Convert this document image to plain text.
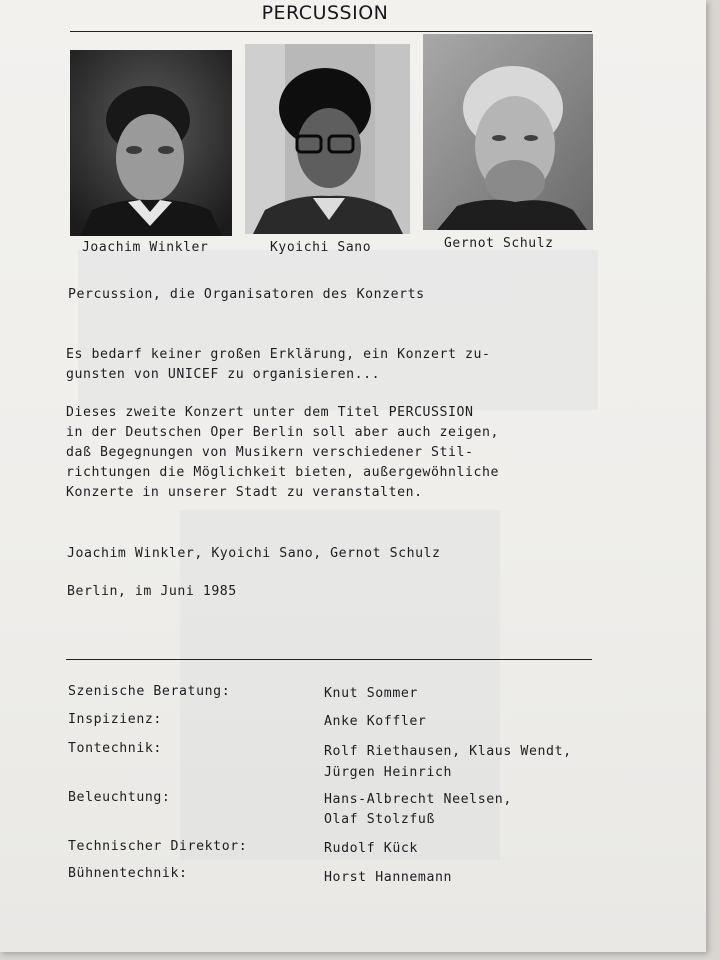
PERCUSSION
Joachim Winkler	Kyoichi Sano	Gernot Schulz
Percussion, die Organisatoren des Konzerts
Es bedarf keiner großen Erklärung, ein Konzert zu-
gunsten von UNICEF zu organisieren...
Dieses zweite Konzert unter dem Titel PERCUSSION
in der Deutschen Oper Berlin soll aber auch zeigen,
daß Begegnungen von Musikern verschiedener Stil-
richtungen die Möglichkeit bieten, außergewöhnliche
Konzerte in unserer Stadt zu veranstalten.
Joachim Winkler, Kyoichi Sano, Gernot Schulz
Berlin, im Juni 1985
Szenische Beratung:	Knut Sommer
Inspizienz:	Anke Koffler
Tontechnik:	Rolf Riethausen, Klaus Wendt,
Jürgen Heinrich
Beleuchtung:	Hans-Albrecht Neelsen,
Olaf Stolzfuß
Technischer Direktor:	Rudolf Kück
Bühnentechnik:	Horst Hannemann
